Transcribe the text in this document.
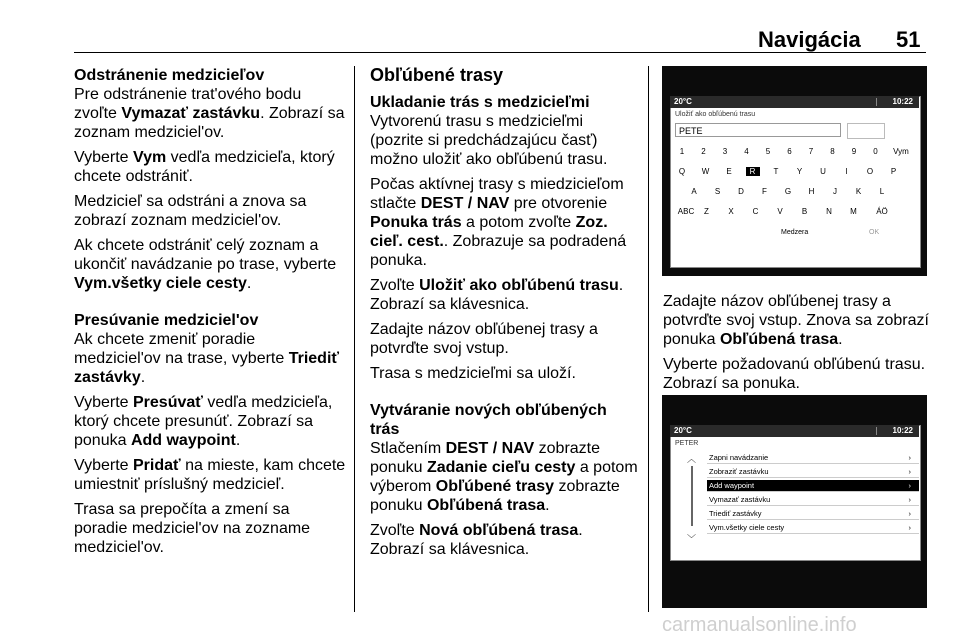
Navigácia 51
Odstránenie medzicieľov

Pre odstránenie trat'ového bodu zvoľte Vymazať zastávku. Zobrazí sa zoznam medziciel'ov.

Vyberte Vym vedľa medzicieľa, ktorý chcete odstrániť.

Medzicieľ sa odstráni a znova sa zobrazí zoznam medziciel'ov.

Ak chcete odstrániť celý zoznam a ukončiť navádzanie po trase, vyberte Vym.všetky ciele cesty.

Presúvanie medziciel'ov

Ak chcete zmeniť poradie medziciel'ov na trase, vyberte Triediť zastávky.

Vyberte Presúvať vedľa medzicieľa, ktorý chcete presunúť. Zobrazí sa ponuka Add waypoint.

Vyberte Pridať na mieste, kam chcete umiestniť príslušný medzicieľ.

Trasa sa prepočíta a zmení sa poradie medziciel'ov na zozname medziciel'ov.

Obľúbené trasy
Ukladanie trás s medzicieľmi

Vytvorenú trasu s medzicieľmi (pozrite si predchádzajúcu časť) možno uložiť ako obľúbenú trasu.

Počas aktívnej trasy s miedzicieľom stlačte DEST / NAV pre otvorenie Ponuka trás a potom zvoľte Zoz. cieľ. cest.. Zobrazuje sa podradená ponuka.

Zvoľte Uložiť ako obľúbenú trasu. Zobrazí sa klávesnica.

Zadajte názov obľúbenej trasy a potvrďte svoj vstup.

Trasa s medzicieľmi sa uloží.

Vytváranie nových obľúbených trás

Stlačením DEST / NAV zobrazte ponuku Zadanie cieľu cesty a potom výberom Obľúbené trasy zobrazte ponuku Obľúbená trasa.

Zvoľte Nová obľúbená trasa. Zobrazí sa klávesnica.

Uložiť ako obľúbenú trasu
PETE
1	2	3	4	5	6	7	8	9	0	Vym
Q	W	E	R	T	Y	U	I	O	P
A	S	D	F	G	H	J	K	L
ABC	Z	X	C	V	B	N	M	ÁÖ
Medzera	OK
20°C	10:22

Zadajte názov obľúbenej trasy a potvrďte svoj vstup. Znova sa zobrazí ponuka Obľúbená trasa.

Vyberte požadovanú obľúbenú trasu. Zobrazí sa ponuka.

PETER
︿
﹀
Zapni navádzanie	›
Zobraziť zastávku	›
Add waypoint	›
Vymazať zastávku	›
Triediť zastávky	›
Vym.všetky ciele cesty	›
20°C	10:22
carmanualsonline.info
